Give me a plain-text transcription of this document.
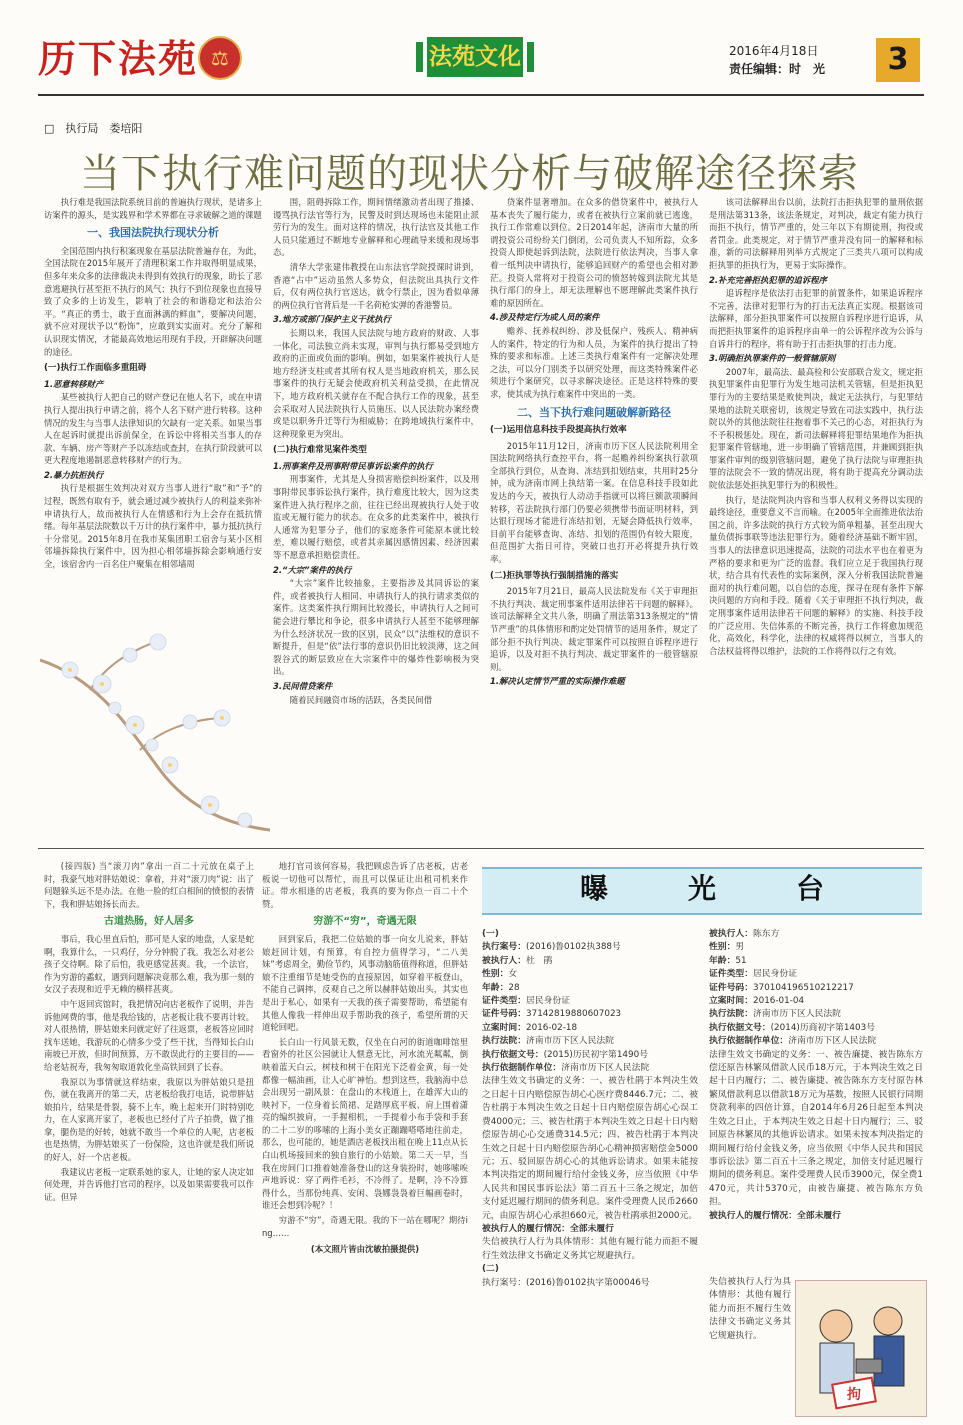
历下法苑 ⚖	法苑文化	2016年4月18日
责任编辑：时　光	3
□　执行局　娄培阳
当下执行难问题的现状分析与破解途径探索

执行难是我国法院系统目前的普遍执行现状，是诸多上访案件的源头，是实践界和学术界都在寻求破解之道的课题

一、我国法院执行现状分析

全国范围内执行积案现象在基层法院普遍存在，为此，全国法院在2015年展开了清理积案工作并取得明显成果，但多年来众多的法律裁决未得到有效执行的现象，助长了恶意逃避执行甚至拒不执行的风气；执行不到位现象也直接导致了众多的上访发生，影响了社会的和谐稳定和法治公平。“真正的勇士，敢于直面淋漓的鲜血”，要解决问题，就不应对现状予以“粉饰”，应敢到实实面对。充分了解和认识现实情况，才能最高效地运用现有手段，开辟解决问题的途径。

(一)执行工作面临多重阻碍

1.恶意转移财产

某些被执行人把自己的财产登记在他人名下，或在申请执行人提出执行申请之前，将个人名下财产进行转移。这种情况的发生与当事人法律知识的欠缺有一定关系。如果当事人在起诉时就提出诉前保全，在诉讼中将相关当事人的存款、车辆、房产等财产予以冻结或查封，在执行阶段就可以更大程度地遏制恶意转移财产的行为。

2.暴力抗拒执行

执行是根据生效判决对双方当事人进行“取”和“予”的过程，既然有取有予，就会通过减少被执行人的利益来弥补申请执行人，故而被执行人在情感和行为上会存在抵抗情绪。每年基层法院数以千万计的执行案件中，暴力抵抗执行十分常见。2015年8月在我市某集团职工宿舍与某小区相邻墙拆除执行案件中，因为担心相邻墙拆除会影响通行安全，该宿舍内一百名住户聚集在相邻墙周

围，阻碍拆除工作，期间情绪激动者出现了推搡、谩骂执行法官等行为，民警及时到达现场也未能阻止派劳行为的发生。面对这样的情况，执行法官及其他工作人员只能通过不断地专业解释和心理疏导来缓和现场事态。

清华大学张建伟教授在山东法官学院授课时讲到，香港“占中”运动虽然人多势众，但法院出具执行文件后，仅有两位执行官送达，就令行禁止，因为看似单薄的两位执行官背后是一千名荷枪实弹的香港警员。

3.地方或部门保护主义干扰执行

长期以来，我国人民法院与地方政府的财政、人事一体化，司法独立尚未实现，审判与执行都易受到地方政府的正面或负面的影响。例如，如果案件被执行人是地方经济支柱或者其所有权人是当地政府机关，那么民事案件的执行无疑会使政府机关利益受损，在此情况下，地方政府机关就存在不配合执行工作的现象，甚至会采取对人民法院执行人员施压、以人民法院办案经费或是以职务升迁等行为相威胁；在跨地域执行案件中，这种现象更为突出。

(二)执行难常见案件类型

1.刑事案件及刑事附带民事诉讼案件的执行

刑事案件，尤其是人身损害赔偿纠纷案件，以及刑事附带民事诉讼执行案件，执行难度比较大，因为这类案件进入执行程序之前，往往已经出现被执行人处于收监或无履行能力的状态。在众多的此类案件中，被执行人通常为犯罪分子，他们的家庭条件可能原本就比较差，难以履行赔偿，或者其亲属因感情因素、经济因素等不愿意承担赔偿责任。

2.“大宗”案件的执行

“大宗”案件比较抽象，主要指涉及其同诉讼的案件，或者被执行人相同、申请执行人的执行请求类似的案件。这类案件执行期间比较漫长，申请执行人之间可能会进行攀比和争论，很多申请执行人甚至不能够理解为什么经济状况一致的区别，民众“以”法维权的意识不断提升，但是“依”法行事的意识仍旧比较淡薄，这之间裂谷式的断层致应在大宗案件中的爆炸性影响极为突出。

3.民间借贷案件

随着民间融资市场的活跃，各类民间借

贷案件显著增加。在众多的借贷案件中，被执行人基本丧失了履行能力，或者在被执行立案前就已逃逸，执行工作常难以到位。2日2014年起，济南市大量的所谓投资公司纷纷关门倒闭，公司负责人不知所踪，众多投资人即使起诉到法院，法院进行依法判决，当事人拿着一纸判决申请执行，能够追回财产的希望也会相对渺茫。投资人常将对于投资公司的愤怒转嫁到法院尤其是执行部门的身上，却无法理解也不愿理解此类案件执行难的原因所在。

4.涉及特定行为或人员的案件

赡养、抚养权纠纷、涉及低保户、残疾人、精神病人的案件，特定的行为和人员，为案件的执行提出了特殊的要求和标准。上述三类执行难案件有一定解决处理之法，可以分门别类予以研究处理，而这类特殊案件必须进行个案研究，以寻求解决途径。正是这样特殊的要求，使其成为执行难案件中突出的一类。

二、当下执行难问题破解新路径

(一)运用信息科技手段提高执行效率

2015年11月12日，济南市历下区人民法院利用全国法院网络执行查控平台，将一起赡养纠纷案执行款项全部执行到位，从查询、冻结到扣划结束，共用时25分钟，成为济南市网上执结第一案。在信息科技手段如此发达的今天，被执行人动动手指就可以将巨额款项瞬间转移，若法院执行部门仍要必须携带书面证明材料，到达银行现场才能进行冻结扣划，无疑会降低执行效率，目前平台能够查询、冻结、扣划的范围仍有较大限度，但范围扩大指日可待，突破口也打开必将提升执行效率。

(二)拒执罪等执行强制措施的落实

2015年7月21日，最高人民法院发布《关于审理拒不执行判决、裁定刑事案件适用法律若干问题的解释》。该司法解释全文共八条，明确了刑法第313条规定的“情节严重”的具体情形和酌定处罚情节的适用条件，规定了部分拒不执行判决、裁定罪案件可以按照自诉程序进行追诉，以及对拒不执行判决、裁定罪案件的一般管辖原则。

1.解决认定情节严重的实际操作难题

该司法解释出台以前，法院打击拒执犯罪的量刑依据是刑法第313条，该法条规定，对判决，裁定有能力执行而拒不执行，情节严重的，处三年以下有期徒刑，拘役或者罚金。此类规定，对于情节严重并没有同一的解释和标准，新的司法解释用列举方式规定了三类共八项可以构成拒执罪的拒执行为，更易于实际操作。

2.补充完善拒执犯罪的追诉程序

追诉程序是依法打击犯罪的前置条件，如果追诉程序不完善，法律对犯罪行为的打击无法真正实现。根据该司法解释，部分拒执罪案件可以按照自诉程序进行追诉，从而把拒执罪案件的追诉程序由单一的公诉程序改为公诉与自诉并行的程序，将有助于打击拒执罪的打击力度。

3.明确拒执罪案件的一般管辖原则

2007年，最高法、最高检和公安部联合发文，规定拒执犯罪案件由犯罪行为发生地司法机关管辖，但是拒执犯罪行为的主要结果是败使判决，裁定无法执行，与犯罪结果地的法院关联密切，该规定导致在司法实践中，执行法院以外的其他法院往往抱着事不关己的心态，对拒执行为不予积极惩处。现在，新司法解释将犯罪结果地作为拒执犯罪案件管辖地，进一步明确了管辖范围，并兼顾到拒执罪案件审判的级别管辖问题，避免了执行法院与审理拒执罪的法院会不一致的情况出现，将有助于提高充分调动法院依法惩处拒执犯罪行为的积极性。

执行，是法院判决内容和当事人权利义务得以实现的最终途径，重要意义不言而喻。在2005年全面推进依法治国之前，许多法院的执行方式较为简单粗暴，甚至出现大量负债拆事联等违法犯罪行为。随着经济基础不断牢固，当事人的法律意识迅速提高，法院的司法水平也在着更为严格的要求和更为广泛的监督。我们应立足于我国执行现状，结合具有代表性的实际案例，深入分析我国法院普遍面对的执行难问题，以自信的态度，探寻在现有条件下解决问题的方向和手段。随着《关于审理拒不执行判决，裁定刑事案件适用法律若干问题的解释》的实施、科技手段的广泛应用、失信体系的不断完善，执行工作将愈加规范化，高效化，科学化，法律的权威将得以树立，当事人的合法权益将得以维护，法院的工作将得以行之有效。

(接四版) 当“滚刀肉”拿出一百二十元放在桌子上时，我豪气地对胖姑娘说：拿着，并对“滚刀肉”说：出了问题躲头远不是办法。在他一脸的红白相间的愤恨的表情下，我和胖姑娘扬长而去。

古道热肠，好人居多

事后，我心里直后怕，那可是人家的地盘，人家是蛇啊，我算什么，一只鸡仔，分分钟脱了我。我怎么对老公孩子交待啊。除了后怕，我更感觉甚爽。我，一个法官，作为穷游的蟊蚁，遇到问题解决竟那么难，我为那一刻的女汉子表现和近乎无赖的横样甚爽。

中午返回宾馆时，我把情况向店老板作了说明，并告诉他网费的事，他是我给钱的，店老板让我不要再计较。对人很热情，胖姑娘来问就定好了往返票，老板答应回时找车送她，我游玩的心情多少受了些干扰，当得知长白山南坡已开放，但时间预算，万不敢误此行的主要目的——给老姑祝寿，我匆匆取道敦化坐高铁回到了长春。

我原以为事情就这样结束，我原以为胖姑娘只是扭伤，就在我离开的第二天，店老板给我打电话，说带胖姑娘拍片，结果是骨裂，骑不上车，晚上起来开门时特别吃力，在人家离开家了，老板也已经付了片子拍费，做了推拿，腿伤是的好转，她就不敢当一个单位的人呢，店老板也是热情，为胖姑娘买了一份保险，这也许就是我们所说的好人，好一个店老板。

我建议店老板一定联系她的家人，让她的家人决定如何处理，并告诉他打官司的程序，以及如果需要我可以作证。但异

地打官司该何容易，我把顾虑告诉了店老板，店老板说一切他可以帮忙，而且可以保证让出租司机来作证。带水相逢的店老板，我真的要为你点一百二十个赞。

穷游不“穷”，奇遇无限

回到家后，我把二位姑娘的事一向女儿说来，胖姑娘赶回计划，有预算，有自控力值得学习，“二八美妹”考虑周全，勤俭节约，风事动脑筋值得称道，但胖姑娘不注重细节是她受伤的直接原因，如穿着平板登山，不能自己调摔，反观自己之所以赫胖姑娘出头，其实也是出于私心，如果有一天我的孩子需要帮助，希望能有其他人像我一样伸出双手帮助我的孩子，希望所谓的天道轮回吧。

长白山一行风景无数，仅坐在白河的街道咖啡馆里看窗外的社区公园就让人惬意无比，河水流光粼粼，倒映着蓝天白云，树枝和树干在阳光下泛着金黄，每一处都像一幅油画，让人心旷神怡。想到这些，我脑海中总会出现另一副风景：在盘山的木栈道上，在雄浑大山的映衬下，一位身着长简裙、足踏厚底平板、肩上围着潇亮的编织披肩，一手握相机，一手提着小布手袋和手套的二十二岁的哆嗦的上海小美女正蹦蹦嗒嗒地往前走，那么，也可能的，她是酒店老板找出租在晚上11点从长白山机场接回来的独自旅行的小姑娘。第二天一早，当我在房间门口推着她准备登山的这身装扮时，她哆嗦唉声地诉说：穿了两件毛衫，不冷得了。是啊，冷不冷算得什么，当那份纯真、安闲、袅娜袅袅着巨幅画卷时，谁还会想到冷呢？！

穷游不“穷”，奇遇无限。我的下一站在哪呢？期待ing……

(本文照片皆由沈敏拍摄提供)

曝光台

(一)

执行案号：(2016)鲁0102执388号

被执行人：杜　鹃

性别：女

年龄：28

证件类型：居民身份证

证件号码：37142819880607023

立案时间：2016-02-18

执行法院：济南市历下区人民法院

执行依据文号：(2015)历民初字第1490号

执行依据制作单位：济南市历下区人民法院

法律生效文书确定的义务：一、被告杜鹃于本判决生效之日起十日内赔偿原告胡心心医疗费8446.7元；二、被告杜鹃于本判决生效之日起十日内赔偿原告胡心心误工费4000元；三、被告杜鹃于本判决生效之日起十日内赔偿原告胡心心交通费314.5元；四、被告杜鹃于本判决生效之日起十日内赔偿原告胡心心精神损害赔偿金5000元；五、驳回原告胡心心的其他诉讼请求。如果未能按本判决指定的期间履行给付金钱义务，应当依照《中华人民共和国民事诉讼法》第二百五十三条之规定，加倍支付延迟履行期间的债务利息。案件受理费人民币2660元，由原告胡心心承担660元，被告杜鹃承担2000元。

被执行人的履行情况：全部未履行

失信被执行人行为具体情形：其他有履行能力而拒不履行生效法律文书确定义务其它规避执行。

(二)

执行案号：(2016)鲁0102执字第00046号

被执行人：陈东方

性别：男

年龄：51

证件类型：居民身份证

证件号码：370104196510212217

立案时间：2016-01-04

执行法院：济南市历下区人民法院

执行依据文号：(2014)历商初字第1403号

执行依据制作单位：济南市历下区人民法院

法律生效文书确定的义务：一、被告廉捷、被告陈东方偿还原告林繁凤借款人民币18万元，于本判决生效之日起十日内履行；二、被告廉捷、被告陈东方支付原告林繁凤借款利息以借款18万元为基数，按照人民银行同期贷款利率的四倍计算，自2014年6月26日起至本判决生效之日止，于本判决生效之日起十日内履行；三、驳回原告林繁凤的其他诉讼请求。如果未按本判决指定的期间履行给付金钱义务，应当依照《中华人民共和国民事诉讼法》第二百五十三条之规定，加倍支付延迟履行期间的债务利息。案件受理费人民币3900元，保全费1470元，共计5370元，由被告廉捷、被告陈东方负担。

被执行人的履行情况：全部未履行

失信被执行人行为具体情形：其他有履行能力而拒不履行生效法律文书确定义务其它规避执行。

拘
